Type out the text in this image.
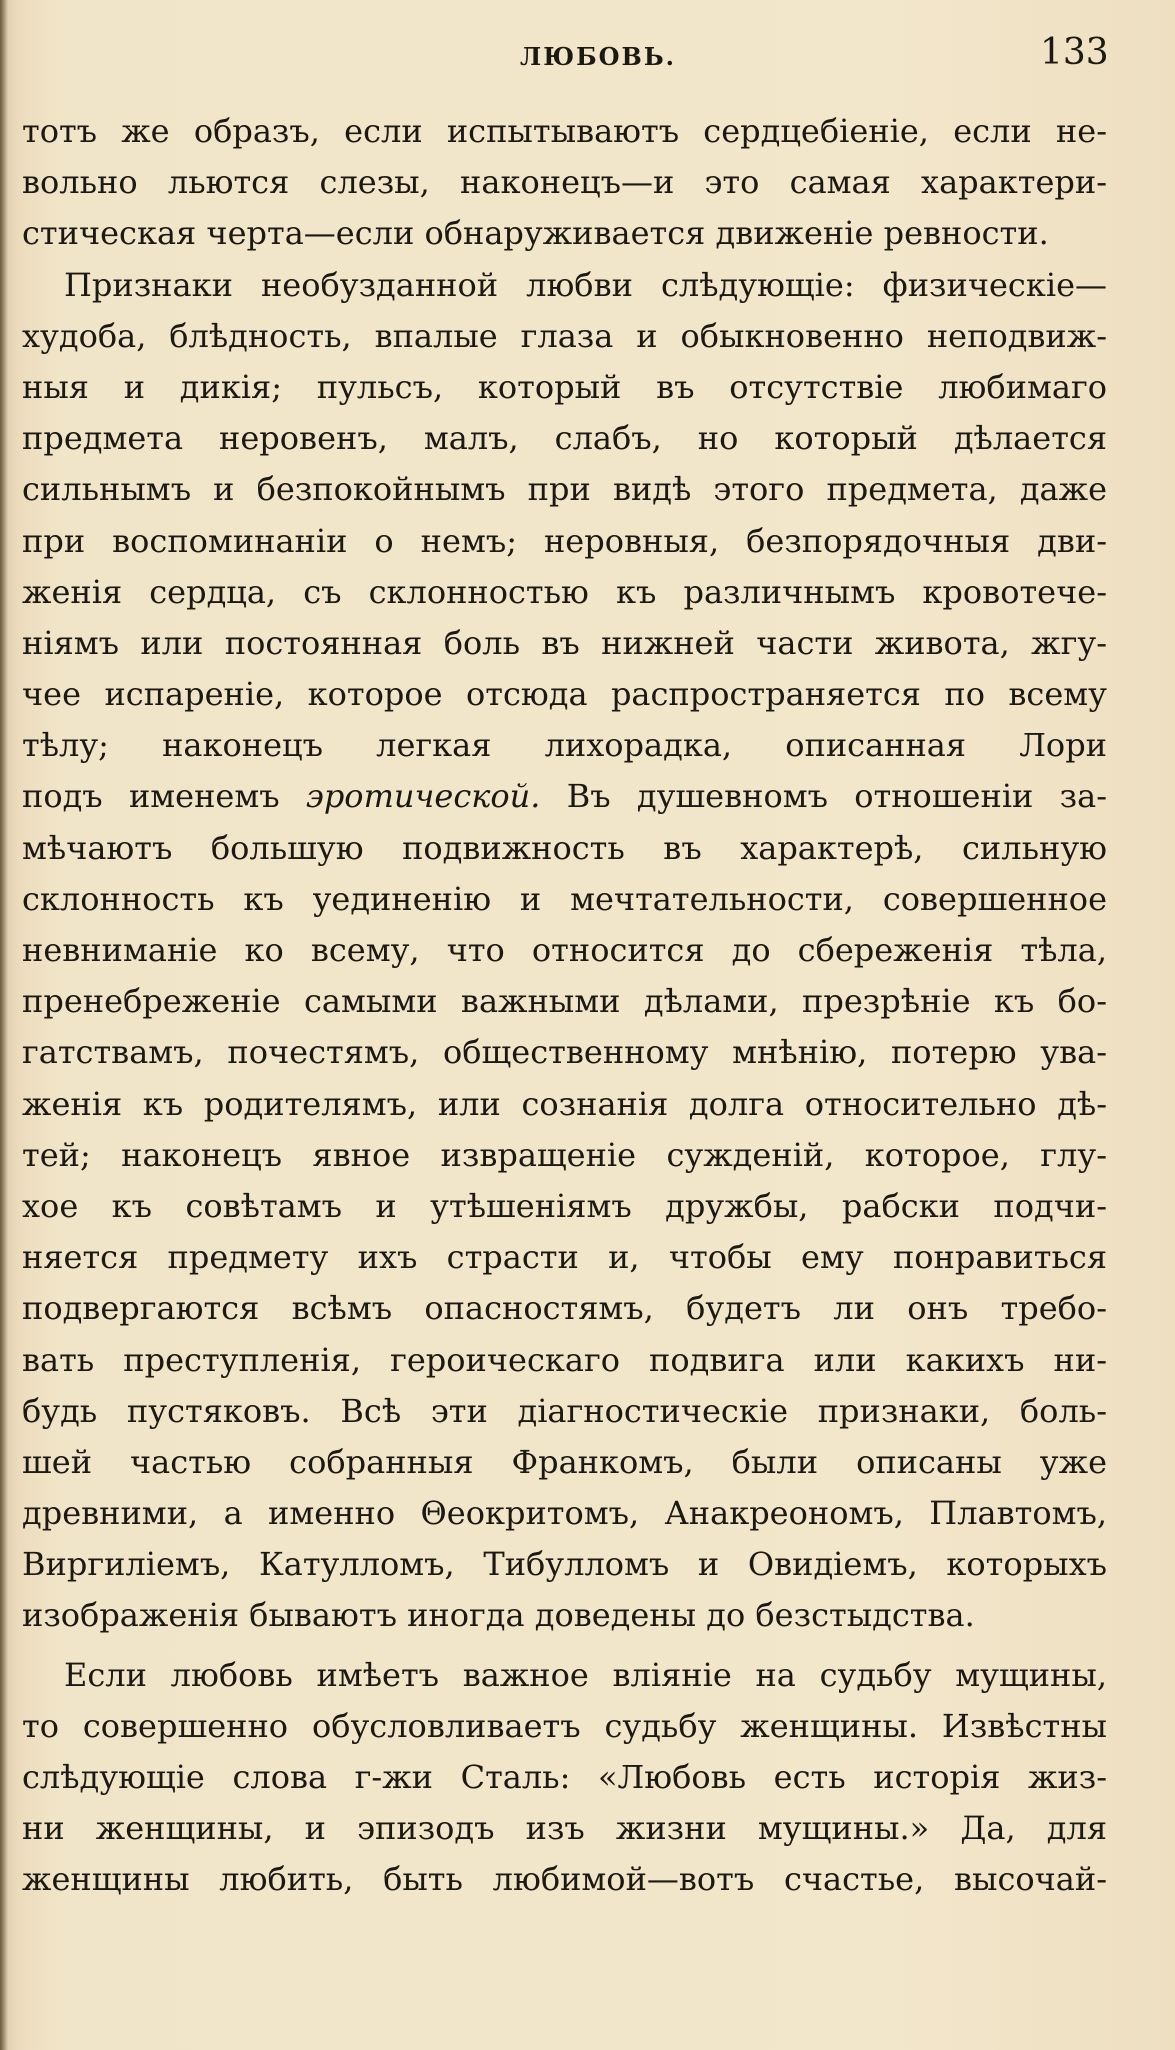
ЛЮБОВЬ.	133
тотъ же образъ, если испытываютъ сердцебіеніе, если не-
вольно льются слезы, наконецъ—и это самая характери-
стическая черта—если обнаруживается движеніе ревности.
Признаки необузданной любви слѣдующіе: физическіе—
худоба, блѣдность, впалые глаза и обыкновенно неподвиж-
ныя и дикія; пульсъ, который въ отсутствіе любимаго
предмета неровенъ, малъ, слабъ, но который дѣлается
сильнымъ и безпокойнымъ при видѣ этого предмета, даже
при воспоминаніи о немъ; неровныя, безпорядочныя дви-
женія сердца, съ склонностью къ различнымъ кровотече-
ніямъ или постоянная боль въ нижней части живота, жгу-
чее испареніе, которое отсюда распространяется по всему
тѣлу; наконецъ легкая лихорадка, описанная Лори
подъ именемъ эротической. Въ душевномъ отношеніи за-
мѣчаютъ большую подвижность въ характерѣ, сильную
склонность къ уединенію и мечтательности, совершенное
невниманіе ко всему, что относится до сбереженія тѣла,
пренебреженіе самыми важными дѣлами, презрѣніе къ бо-
гатствамъ, почестямъ, общественному мнѣнію, потерю ува-
женія къ родителямъ, или сознанія долга относительно дѣ-
тей; наконецъ явное извращеніе сужденій, которое, глу-
хое къ совѣтамъ и утѣшеніямъ дружбы, рабски подчи-
няется предмету ихъ страсти и, чтобы ему понравиться
подвергаются всѣмъ опасностямъ, будетъ ли онъ требо-
вать преступленія, героическаго подвига или какихъ ни-
будь пустяковъ. Всѣ эти діагностическіе признаки, боль-
шей частью собранныя Франкомъ, были описаны уже
древними, а именно Θеокритомъ, Анакреономъ, Плавтомъ,
Виргиліемъ, Катулломъ, Тибулломъ и Овидіемъ, которыхъ
изображенія бываютъ иногда доведены до безстыдства.
Если любовь имѣетъ важное вліяніе на судьбу мущины,
то совершенно обусловливаетъ судьбу женщины. Извѣстны
слѣдующіе слова г-жи Сталь: «Любовь есть исторія жиз-
ни женщины, и эпизодъ изъ жизни мущины.» Да, для
женщины любить, быть любимой—вотъ счастье, высочай-
